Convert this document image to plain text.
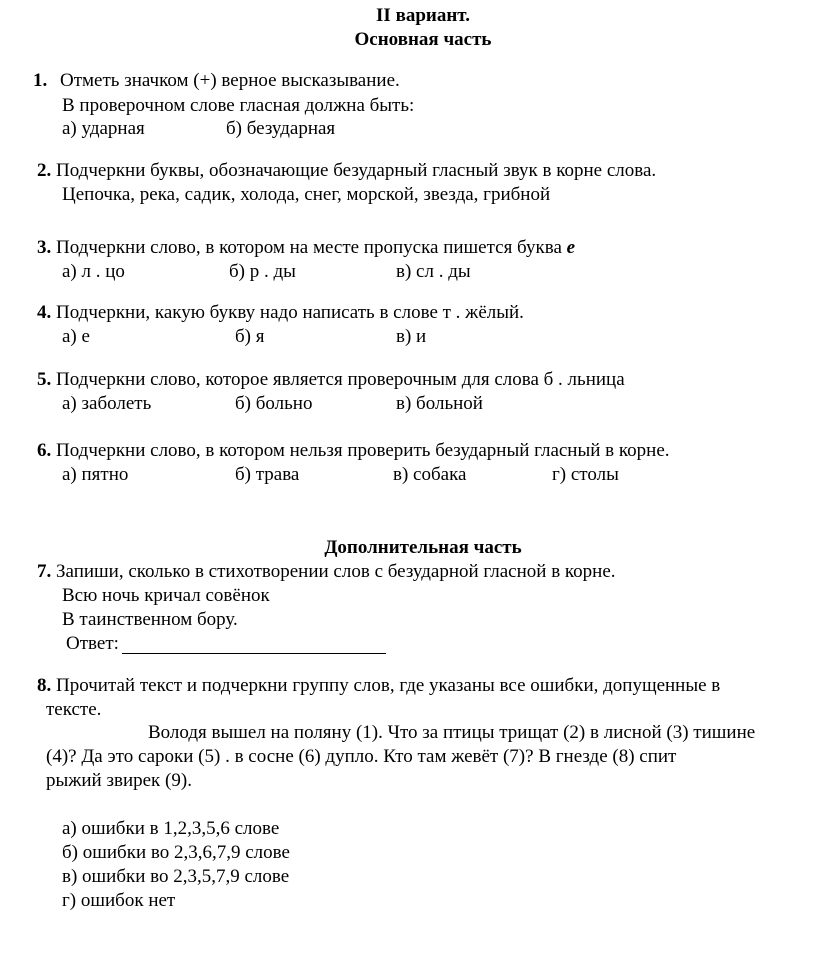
II вариант.
Основная часть
1. Отметь значком (+) верное высказывание.
В проверочном слове гласная должна быть:
а) ударная	б) безударная
2. Подчеркни буквы, обозначающие безударный гласный звук в корне слова.
Цепочка, река, садик, холода, снег, морской, звезда, грибной
3. Подчеркни слово, в котором на месте пропуска пишется буква е
а) л . цо	б) р . ды	в) сл . ды
4. Подчеркни, какую букву надо написать в слове т . жёлый.
а) е	б) я	в) и
5. Подчеркни слово, которое является проверочным для слова б . льница
а) заболеть	б) больно	в) больной
6. Подчеркни слово, в котором нельзя проверить безударный гласный в корне.
а) пятно	б) трава	в) собака	г) столы
Дополнительная часть
7. Запиши, сколько в стихотворении слов с безударной гласной в корне.
Всю ночь кричал совёнок
В таинственном бору.
Ответ:
8. Прочитай текст и подчеркни группу слов, где указаны все ошибки, допущенные в
тексте.
Володя вышел на поляну (1). Что за птицы трищат (2) в лисной (3) тишине
(4)? Да это сароки (5) . в сосне (6) дупло. Кто там жевёт (7)? В гнезде (8) спит
рыжий звирек (9).
а) ошибки в 1,2,3,5,6 слове
б) ошибки во 2,3,6,7,9 слове
в) ошибки во 2,3,5,7,9 слове
г) ошибок нет
